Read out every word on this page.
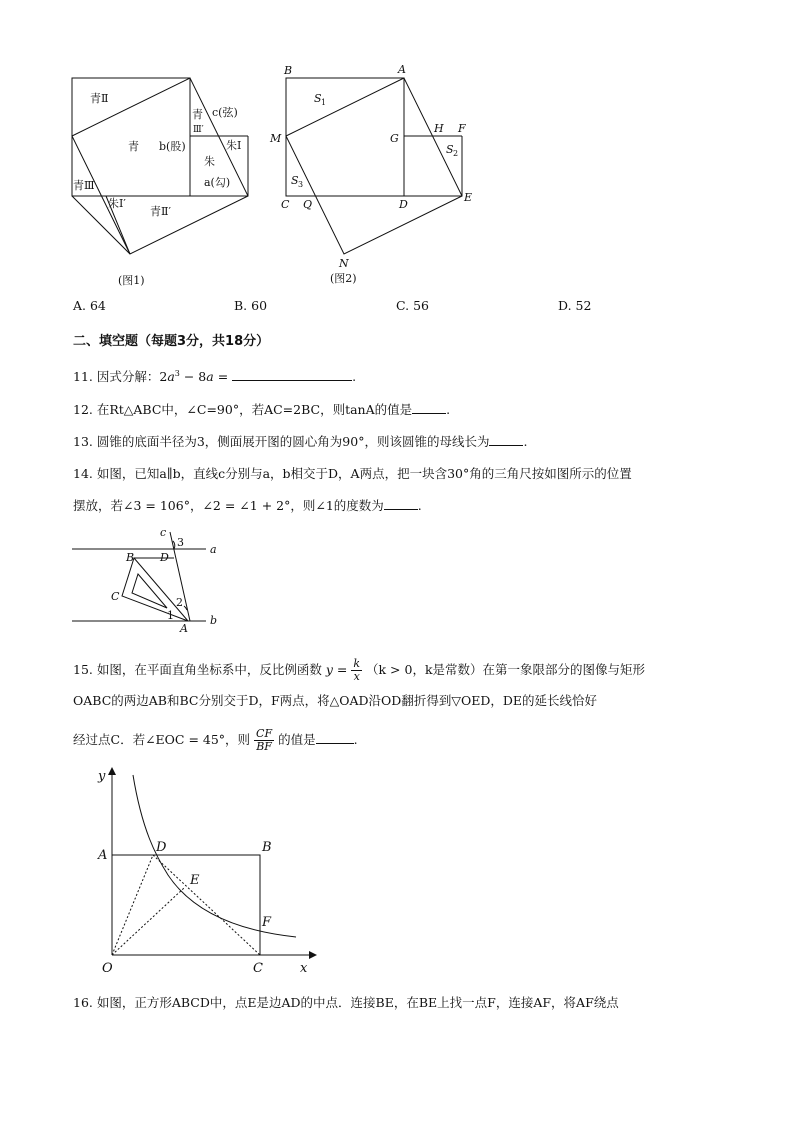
青Ⅱ
青 b(股)
青
Ⅲ′
c(弦)
朱Ⅰ
朱
a(勾)
青Ⅲ
朱Ⅰ′
青Ⅱ′
(图1)
B	A
M	G
H F
C Q	D
E
N
S 1
S 2
S 3
(图2)
A. 64	B. 60	C. 56	D. 52
二、填空题（每题3分，共18分）
11. 因式分解：$2a^3 - 8a$ =	.
12. 在Rt△ABC中，∠C=90°，若AC=2BC，则tanA的值是	.
13. 圆锥的底面半径为3，侧面展开图的圆心角为90°，则该圆锥的母线长为	.
14. 如图，已知a∥b，直线c分别与a，b相交于D，A两点，把一块含30°角的三角尺按如图所示的位置
摆放，若∠3 = 106°，∠2 = ∠1 + 2°，则∠1的度数为	.
c
3
a
B D
C	2
1
A
b
15. 如图，在平面直角坐标系中，反比例函数 $y = \frac{k}{x} (k > 0$，k是常数）在第一象限部分的图像与矩形
OABC的两边AB和BC分别交于D，F两点，将△OAD沿OD翻折得到▽OED，DE的延长线恰好
经过点C．若∠EOC = 45°，则 $\frac{CF}{BF}$ 的值是	.
y
A
D	B
E
F
O	C	x
16. 如图，正方形ABCD中，点E是边AD的中点．连接BE，在BE上找一点F，连接AF，将AF绕点
